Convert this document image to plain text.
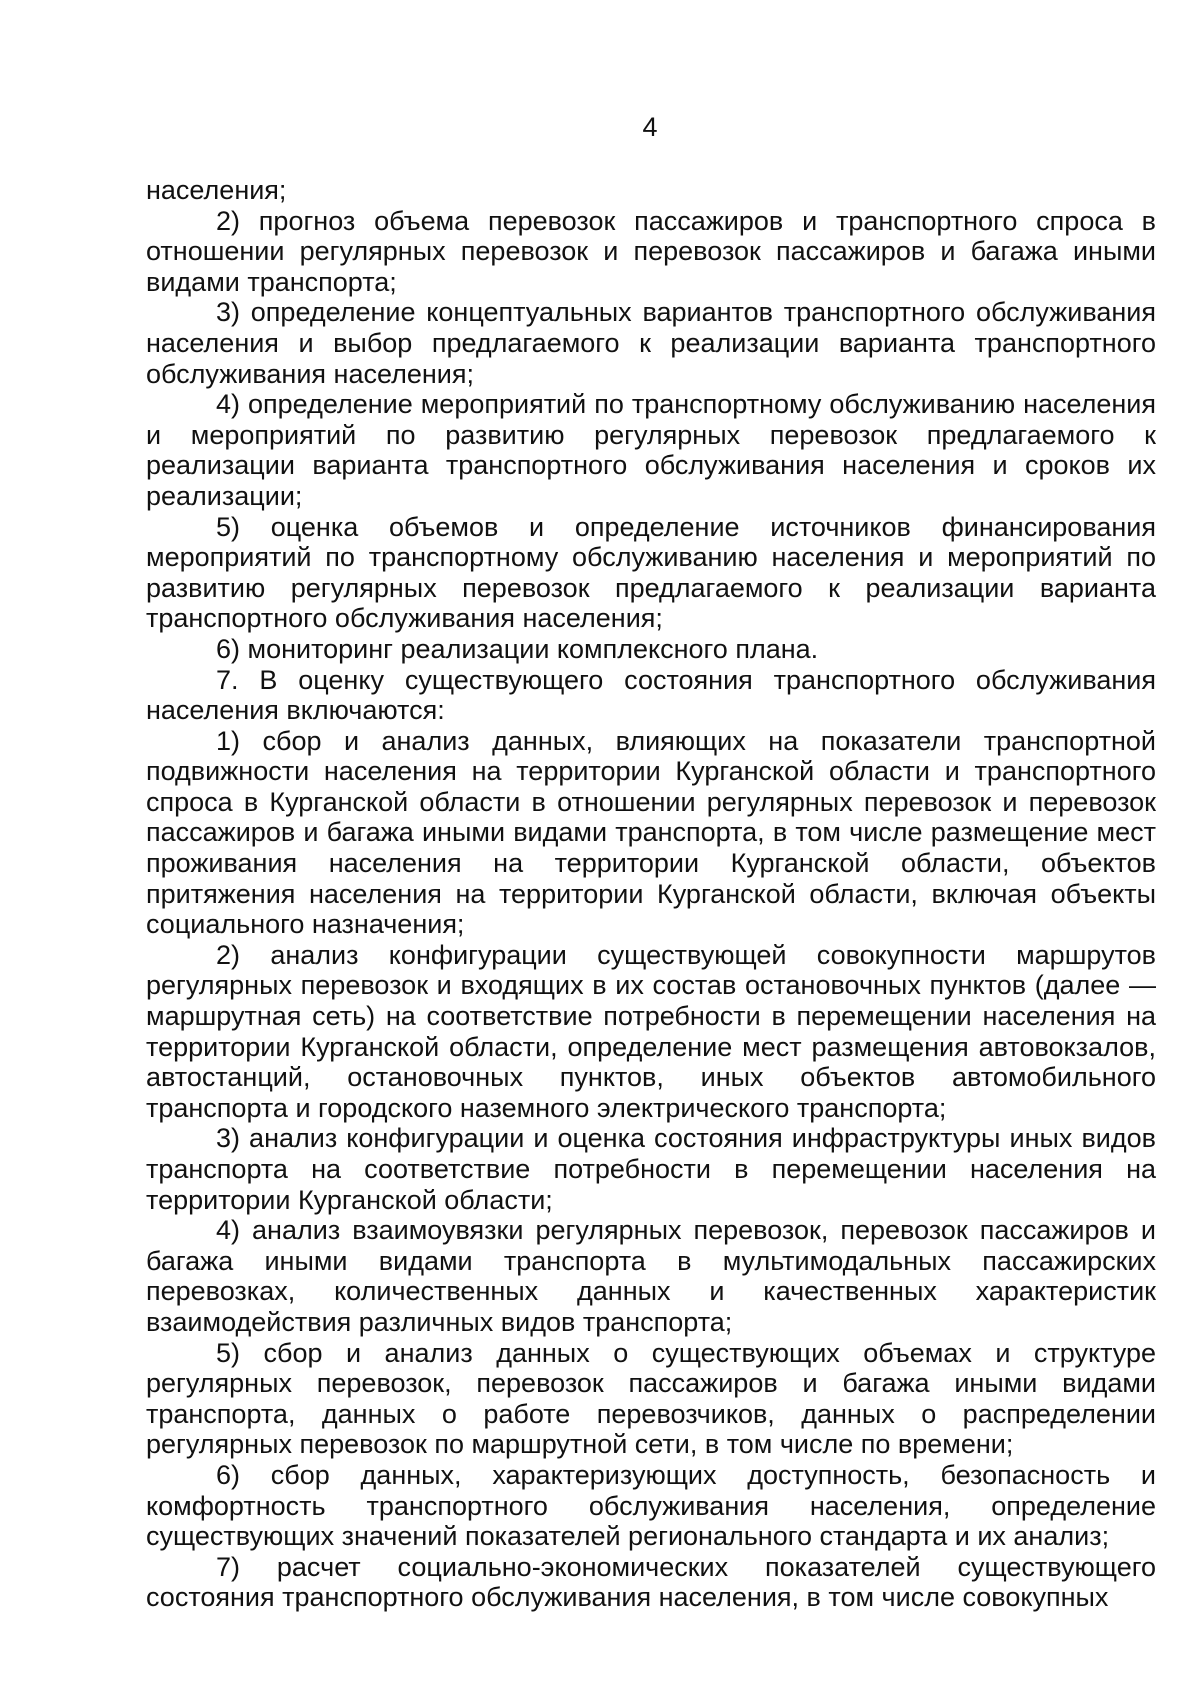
4

населения;

2) прогноз объема перевозок пассажиров и транспортного спроса в отношении регулярных перевозок и перевозок пассажиров и багажа иными видами транспорта;

3) определение концептуальных вариантов транспортного обслуживания населения и выбор предлагаемого к реализации варианта транспортного обслуживания населения;

4) определение мероприятий по транспортному обслуживанию населения и мероприятий по развитию регулярных перевозок предлагаемого к реализации варианта транспортного обслуживания населения и сроков их реализации;

5) оценка объемов и определение источников финансирования мероприятий по транспортному обслуживанию населения и мероприятий по развитию регулярных перевозок предлагаемого к реализации варианта транспортного обслуживания населения;

6) мониторинг реализации комплексного плана.

7. В оценку существующего состояния транспортного обслуживания населения включаются:

1) сбор и анализ данных, влияющих на показатели транспортной подвижности населения на территории Курганской области и транспортного спроса в Курганской области в отношении регулярных перевозок и перевозок пассажиров и багажа иными видами транспорта, в том числе размещение мест проживания населения на территории Курганской области, объектов притяжения населения на территории Курганской области, включая объекты социального назначения;

2) анализ конфигурации существующей совокупности маршрутов регулярных перевозок и входящих в их состав остановочных пунктов (далее — маршрутная сеть) на соответствие потребности в перемещении населения на территории Курганской области, определение мест размещения автовокзалов, автостанций, остановочных пунктов, иных объектов автомобильного транспорта и городского наземного электрического транспорта;

3) анализ конфигурации и оценка состояния инфраструктуры иных видов транспорта на соответствие потребности в перемещении населения на территории Курганской области;

4) анализ взаимоувязки регулярных перевозок, перевозок пассажиров и багажа иными видами транспорта в мультимодальных пассажирских перевозках, количественных данных и качественных характеристик взаимодействия различных видов транспорта;

5) сбор и анализ данных о существующих объемах и структуре регулярных перевозок, перевозок пассажиров и багажа иными видами транспорта, данных о работе перевозчиков, данных о распределении регулярных перевозок по маршрутной сети, в том числе по времени;

6) сбор данных, характеризующих доступность, безопасность и комфортность транспортного обслуживания населения, определение существующих значений показателей регионального стандарта и их анализ;

7) расчет социально-экономических показателей существующего состояния транспортного обслуживания населения, в том числе совокупных
